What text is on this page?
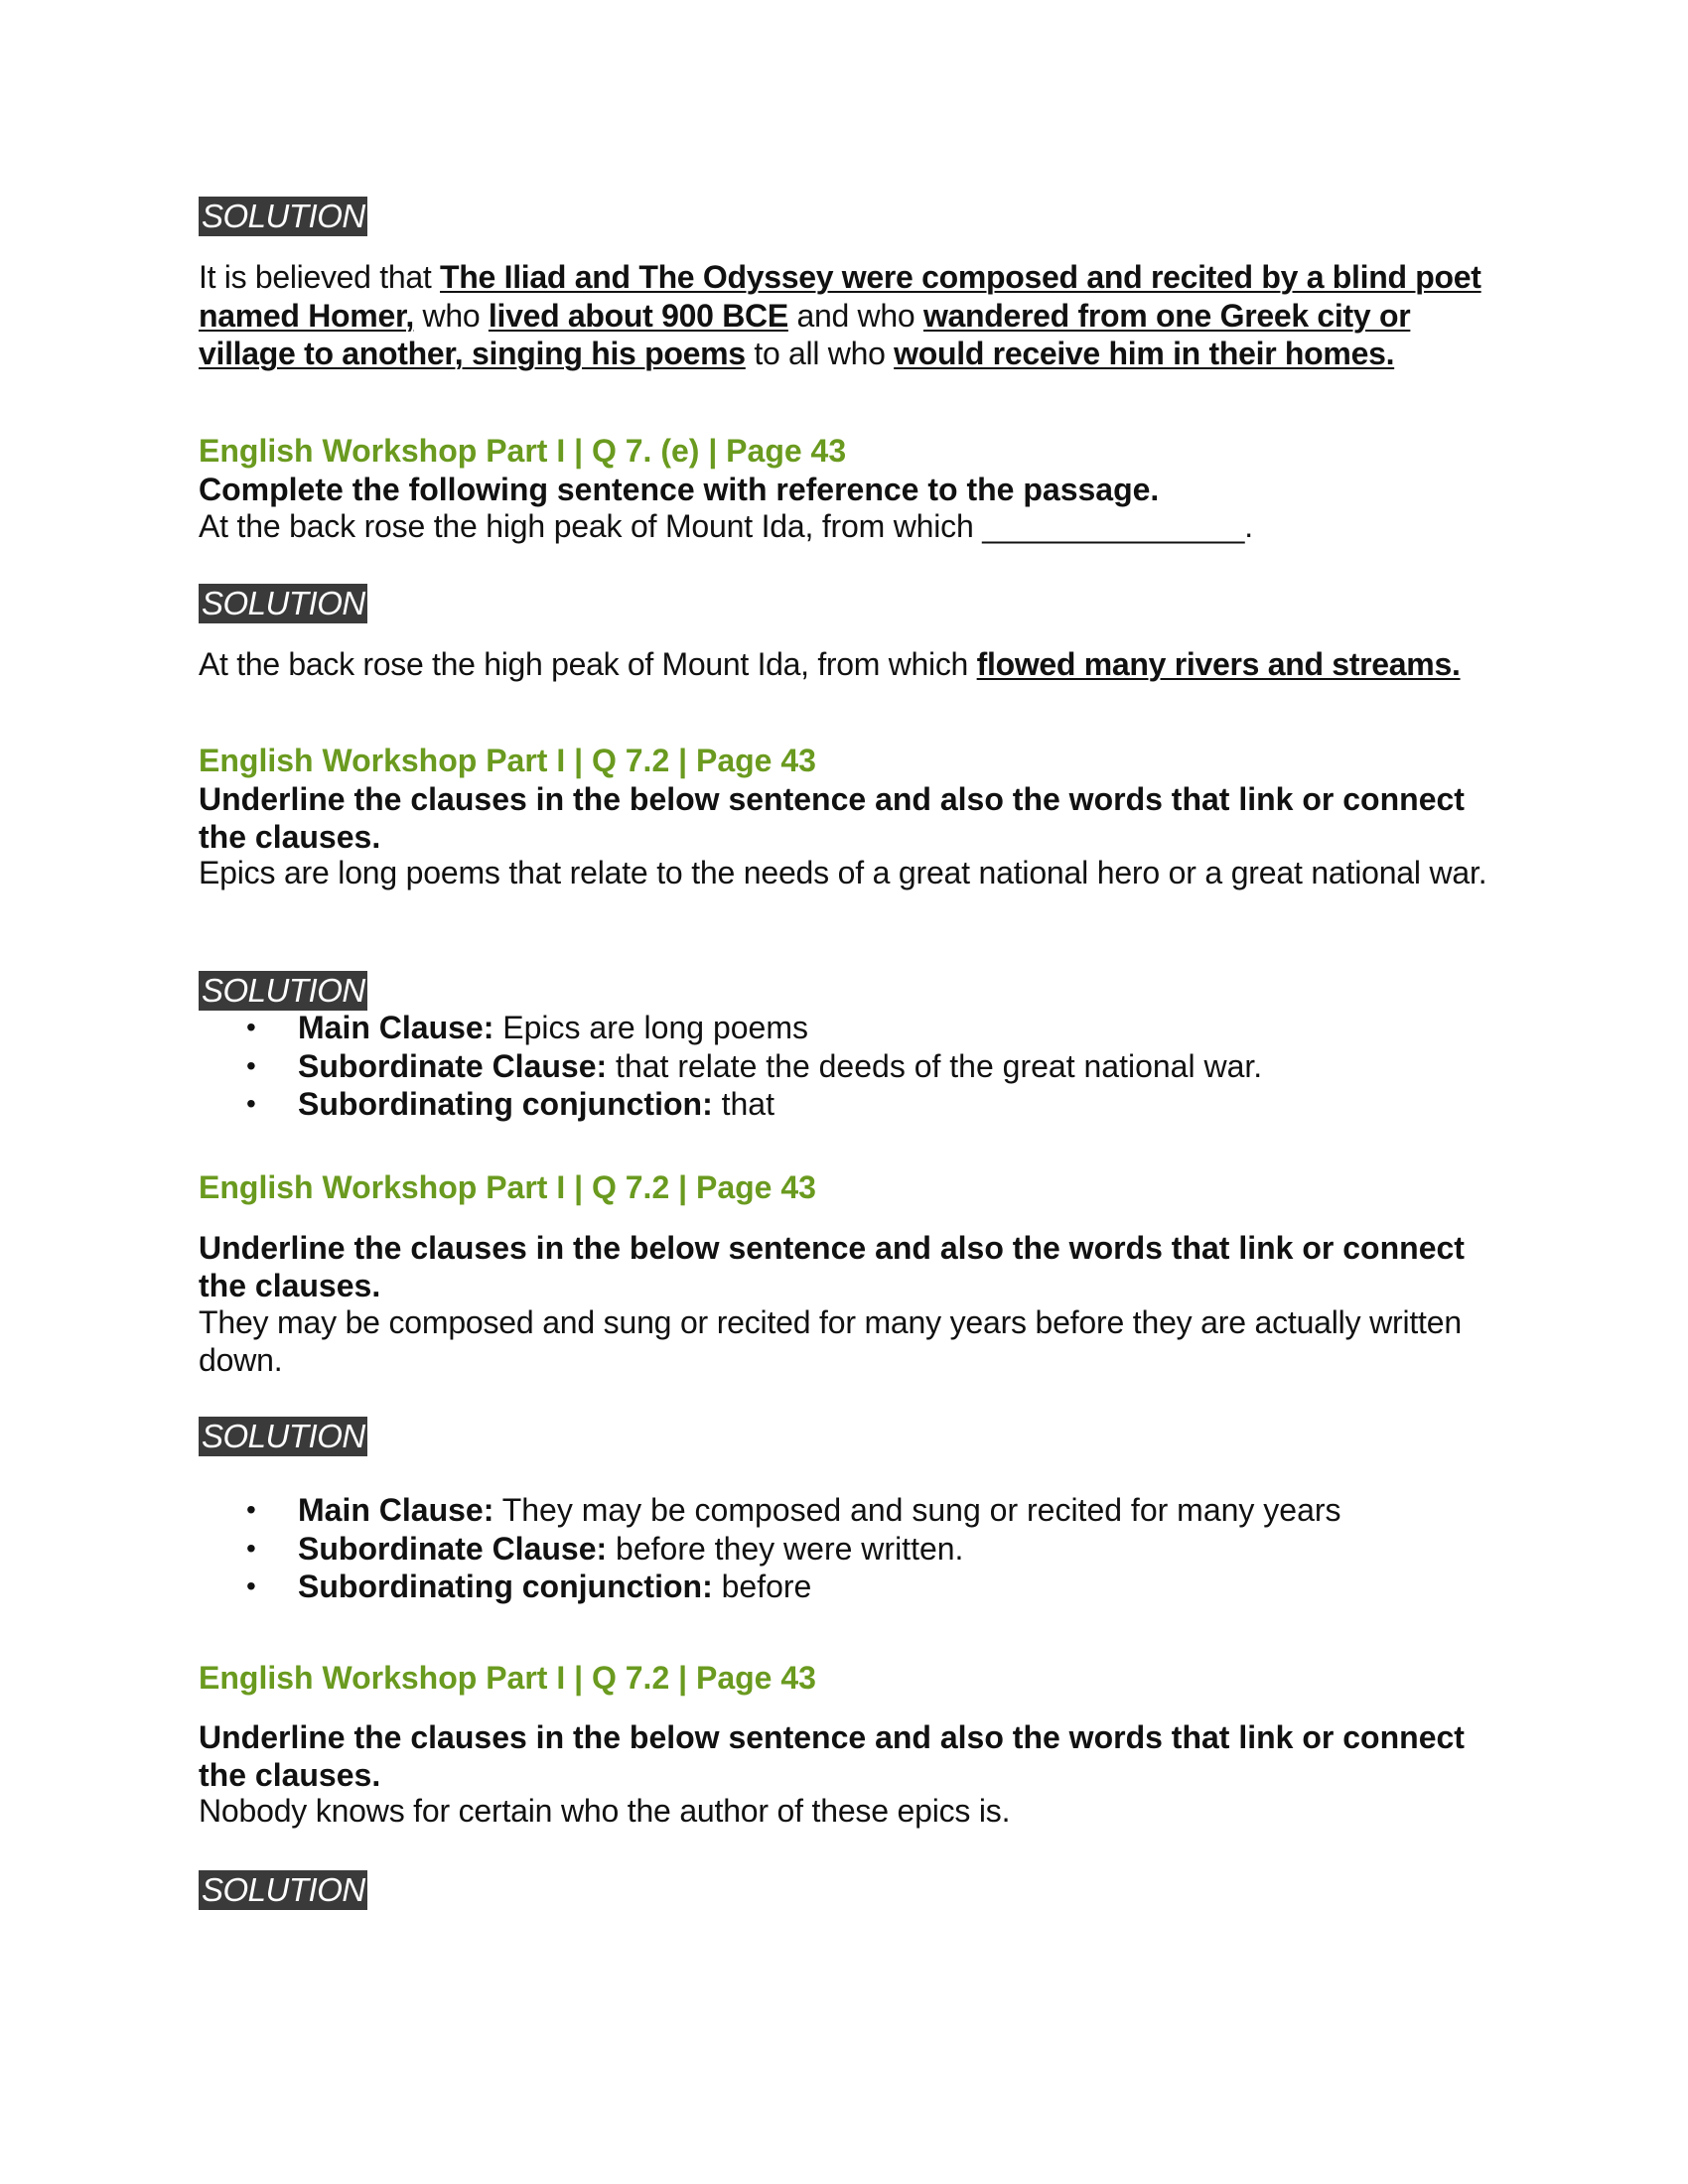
SOLUTION
It is believed that The Iliad and The Odyssey were composed and recited by a blind poet named Homer, who lived about 900 BCE and who wandered from one Greek city or village to another, singing his poems to all who would receive him in their homes.
English Workshop Part I | Q 7. (e) | Page 43
Complete the following sentence with reference to the passage.
At the back rose the high peak of Mount Ida, from which _______________.
SOLUTION
At the back rose the high peak of Mount Ida, from which flowed many rivers and streams.
English Workshop Part I | Q 7.2 | Page 43
Underline the clauses in the below sentence and also the words that link or connect the clauses.
Epics are long poems that relate to the needs of a great national hero or a great national war.
SOLUTION
• Main Clause: Epics are long poems
• Subordinate Clause: that relate the deeds of the great national war.
• Subordinating conjunction: that
English Workshop Part I | Q 7.2 | Page 43
Underline the clauses in the below sentence and also the words that link or connect the clauses.
They may be composed and sung or recited for many years before they are actually written down.
SOLUTION
• Main Clause: They may be composed and sung or recited for many years
• Subordinate Clause: before they were written.
• Subordinating conjunction: before
English Workshop Part I | Q 7.2 | Page 43
Underline the clauses in the below sentence and also the words that link or connect the clauses.
Nobody knows for certain who the author of these epics is.
SOLUTION
